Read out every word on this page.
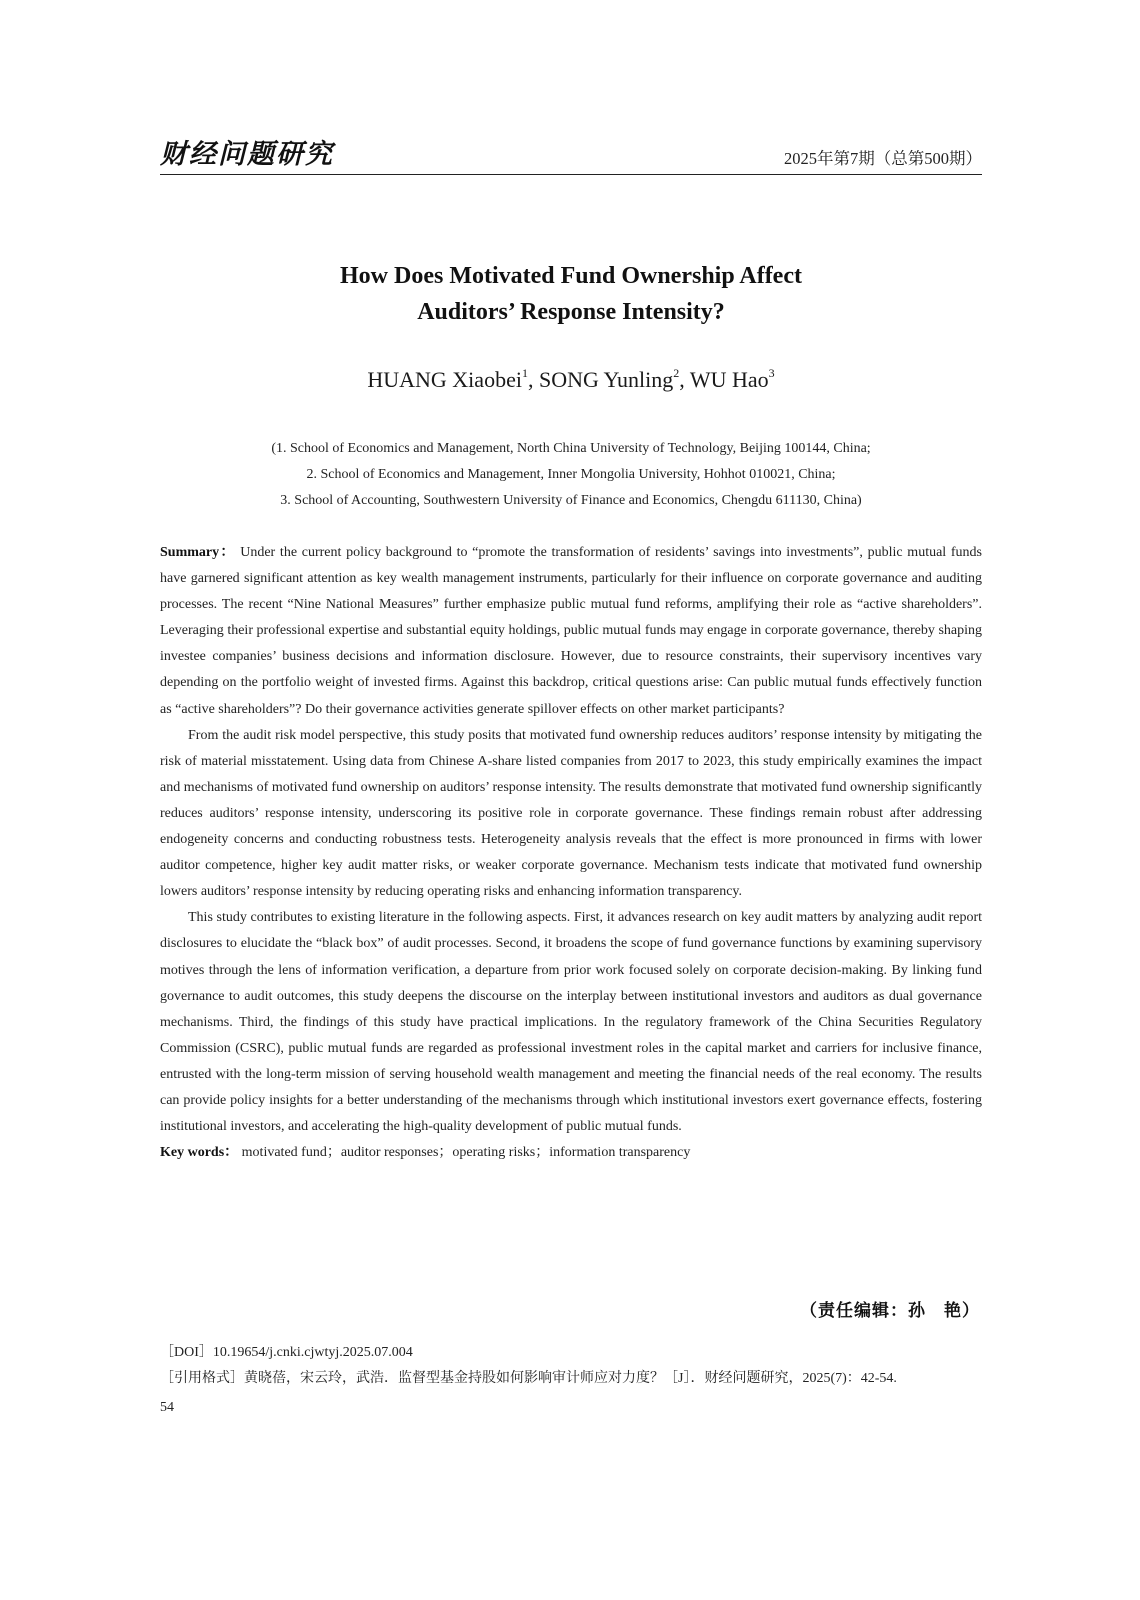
财经问题研究	2025年第7期（总第500期）
How Does Motivated Fund Ownership Affect
Auditors’ Response Intensity?
HUANG Xiaobei$^1$, SONG Yunling$^2$, WU Hao$^3$
(1. School of Economics and Management, North China University of Technology, Beijing 100144, China;
2. School of Economics and Management, Inner Mongolia University, Hohhot 010021, China;
3. School of Accounting, Southwestern University of Finance and Economics, Chengdu 611130, China)

Summary： Under the current policy background to “promote the transformation of residents’ savings into investments”, public mutual funds have garnered significant attention as key wealth management instruments, particularly for their influence on corporate governance and auditing processes. The recent “Nine National Measures” further emphasize public mutual fund reforms, amplifying their role as “active shareholders”. Leveraging their professional expertise and substantial equity holdings, public mutual funds may engage in corporate governance, thereby shaping investee companies’ business decisions and information disclosure. However, due to resource constraints, their supervisory incentives vary depending on the portfolio weight of invested firms. Against this backdrop, critical questions arise: Can public mutual funds effectively function as “active shareholders”? Do their governance activities generate spillover effects on other market participants?

From the audit risk model perspective, this study posits that motivated fund ownership reduces auditors’ response intensity by mitigating the risk of material misstatement. Using data from Chinese A-share listed companies from 2017 to 2023, this study empirically examines the impact and mechanisms of motivated fund ownership on auditors’ response intensity. The results demonstrate that motivated fund ownership significantly reduces auditors’ response intensity, underscoring its positive role in corporate governance. These findings remain robust after addressing endogeneity concerns and conducting robustness tests. Heterogeneity analysis reveals that the effect is more pronounced in firms with lower auditor competence, higher key audit matter risks, or weaker corporate governance. Mechanism tests indicate that motivated fund ownership lowers auditors’ response intensity by reducing operating risks and enhancing information transparency.

This study contributes to existing literature in the following aspects. First, it advances research on key audit matters by analyzing audit report disclosures to elucidate the “black box” of audit processes. Second, it broadens the scope of fund governance functions by examining supervisory motives through the lens of information verification, a departure from prior work focused solely on corporate decision-making. By linking fund governance to audit outcomes, this study deepens the discourse on the interplay between institutional investors and auditors as dual governance mechanisms. Third, the findings of this study have practical implications. In the regulatory framework of the China Securities Regulatory Commission (CSRC), public mutual funds are regarded as professional investment roles in the capital market and carriers for inclusive finance, entrusted with the long-term mission of serving household wealth management and meeting the financial needs of the real economy. The results can provide policy insights for a better understanding of the mechanisms through which institutional investors exert governance effects, fostering institutional investors, and accelerating the high-quality development of public mutual funds.

Key words： motivated fund；auditor responses；operating risks；information transparency

（责任编辑：孙　艳）
［DOI］10.19654/j.cnki.cjwtyj.2025.07.004
［引用格式］黄晓蓓，宋云玲，武浩．监督型基金持股如何影响审计师应对力度？［J］．财经问题研究，2025(7)：42-54.
54
